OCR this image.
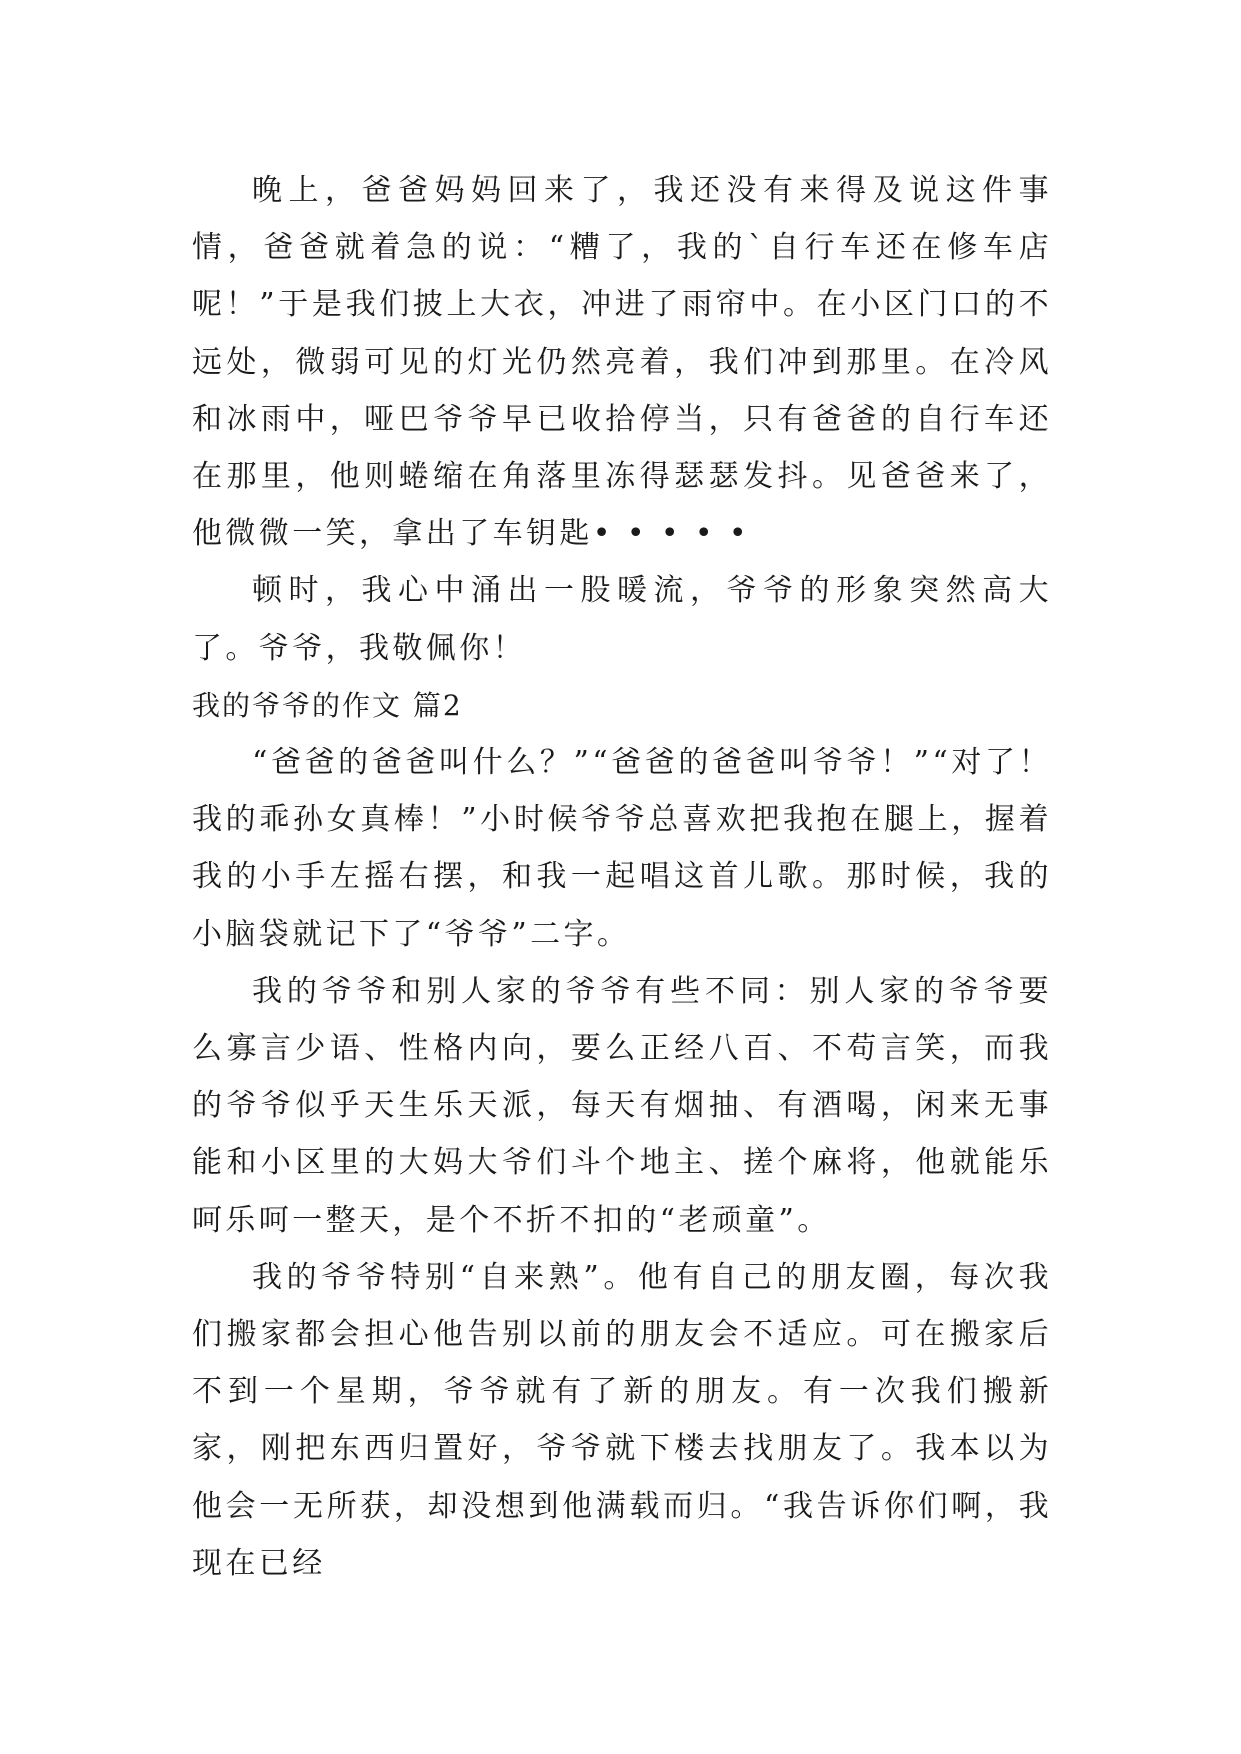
晚上，爸爸妈妈回来了，我还没有来得及说这件事情，爸爸就着急的说：“糟了，我的`自行车还在修车店呢！”于是我们披上大衣，冲进了雨帘中。在小区门口的不远处，微弱可见的灯光仍然亮着，我们冲到那里。在冷风和冰雨中，哑巴爷爷早已收拾停当，只有爸爸的自行车还在那里，他则蜷缩在角落里冻得瑟瑟发抖。见爸爸来了，他微微一笑，拿出了车钥匙• • • • •

顿时，我心中涌出一股暖流，爷爷的形象突然高大了。爷爷，我敬佩你！

我的爷爷的作文 篇2

“爸爸的爸爸叫什么？”“爸爸的爸爸叫爷爷！”“对了！我的乖孙女真棒！”小时候爷爷总喜欢把我抱在腿上，握着我的小手左摇右摆，和我一起唱这首儿歌。那时候，我的小脑袋就记下了“爷爷”二字。

我的爷爷和别人家的爷爷有些不同：别人家的爷爷要么寡言少语、性格内向，要么正经八百、不苟言笑，而我的爷爷似乎天生乐天派，每天有烟抽、有酒喝，闲来无事能和小区里的大妈大爷们斗个地主、搓个麻将，他就能乐呵乐呵一整天，是个不折不扣的“老顽童”。

我的爷爷特别“自来熟”。他有自己的朋友圈，每次我们搬家都会担心他告别以前的朋友会不适应。可在搬家后不到一个星期，爷爷就有了新的朋友。有一次我们搬新家，刚把东西归置好，爷爷就下楼去找朋友了。我本以为他会一无所获，却没想到他满载而归。“我告诉你们啊，我现在已经
